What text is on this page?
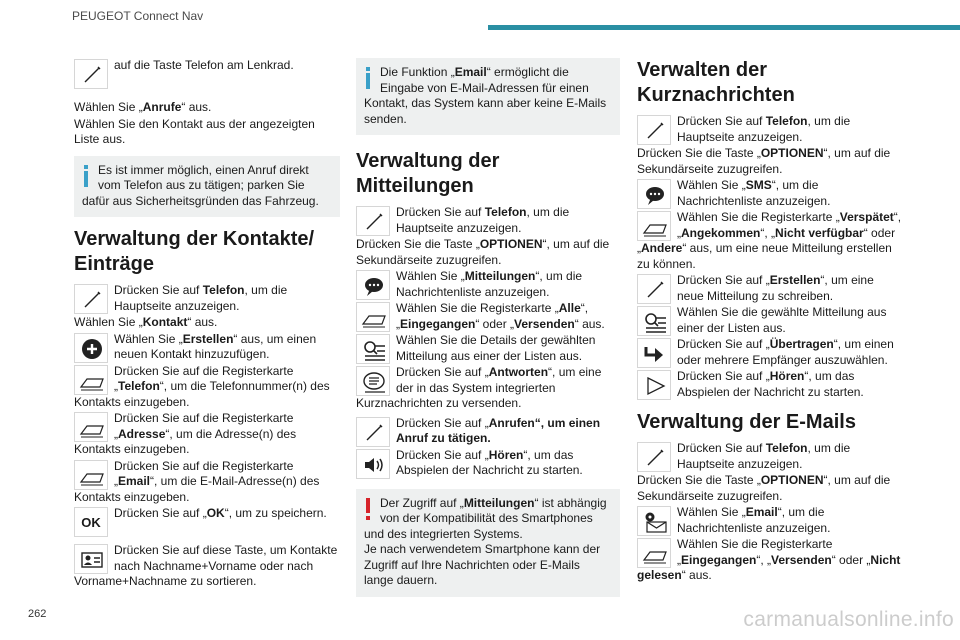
PEUGEOT Connect Nav
auf die Taste Telefon am Lenkrad.
Wählen Sie „Anrufe“ aus.
Wählen Sie den Kontakt aus der angezeigten Liste aus.
Es ist immer möglich, einen Anruf direkt vom Telefon aus zu tätigen; parken Sie dafür aus Sicherheitsgründen das Fahrzeug.
Verwaltung der Kontakte/ Einträge
Drücken Sie auf Telefon, um die Hauptseite anzuzeigen.
Wählen Sie „Kontakt“ aus.
Wählen Sie „Erstellen“ aus, um einen neuen Kontakt hinzuzufügen.
Drücken Sie auf die Registerkarte „Telefon“, um die Telefonnummer(n) des Kontakts einzugeben.
Drücken Sie auf die Registerkarte „Adresse“, um die Adresse(n) des Kontakts einzugeben.
Drücken Sie auf die Registerkarte „Email“, um die E-Mail-Adresse(n) des Kontakts einzugeben.
OK
Drücken Sie auf „OK“, um zu speichern.
Drücken Sie auf diese Taste, um Kontakte nach Nachname+Vorname oder nach Vorname+Nachname zu sortieren.
Die Funktion „Email“ ermöglicht die Eingabe von E-Mail-Adressen für einen Kontakt, das System kann aber keine E-Mails senden.
Verwaltung der Mitteilungen
Drücken Sie auf Telefon, um die Hauptseite anzuzeigen.
Drücken Sie die Taste „OPTIONEN“, um auf die Sekundärseite zuzugreifen.
Wählen Sie „Mitteilungen“, um die Nachrichtenliste anzuzeigen.
Wählen Sie die Registerkarte „Alle“, „Eingegangen“ oder „Versenden“ aus.
Wählen Sie die Details der gewählten Mitteilung aus einer der Listen aus.
Drücken Sie auf „Antworten“, um eine der in das System integrierten Kurznachrichten zu versenden.
Drücken Sie auf „Anrufen“, um einen Anruf zu tätigen.
Drücken Sie auf „Hören“, um das Abspielen der Nachricht zu starten.
Der Zugriff auf „Mitteilungen“ ist abhängig von der Kompatibilität des Smartphones und des integrierten Systems.
Je nach verwendetem Smartphone kann der Zugriff auf Ihre Nachrichten oder E-Mails lange dauern.
Verwalten der Kurznachrichten
Drücken Sie auf Telefon, um die Hauptseite anzuzeigen.
Drücken Sie die Taste „OPTIONEN“, um auf die Sekundärseite zuzugreifen.
Wählen Sie „SMS“, um die Nachrichtenliste anzuzeigen.
Wählen Sie die Registerkarte „Verspätet“, „Angekommen“, „Nicht verfügbar“ oder „Andere“ aus, um eine neue Mitteilung erstellen zu können.
Drücken Sie auf „Erstellen“, um eine neue Mitteilung zu schreiben.
Wählen Sie die gewählte Mitteilung aus einer der Listen aus.
Drücken Sie auf „Übertragen“, um einen oder mehrere Empfänger auszuwählen.
Drücken Sie auf „Hören“, um das Abspielen der Nachricht zu starten.
Verwaltung der E-Mails
Drücken Sie auf Telefon, um die Hauptseite anzuzeigen.
Drücken Sie die Taste „OPTIONEN“, um auf die Sekundärseite zuzugreifen.
Wählen Sie „Email“, um die Nachrichtenliste anzuzeigen.
Wählen Sie die Registerkarte „Eingegangen“, „Versenden“ oder „Nicht gelesen“ aus.
262	carmanualsonline.info
